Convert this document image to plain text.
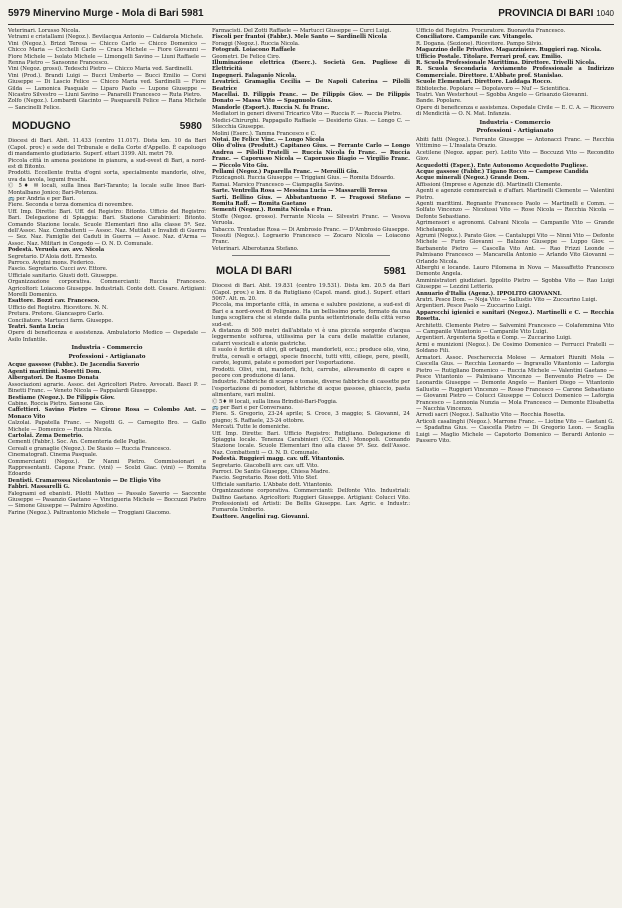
5979 Minervino Murge - Mola di Bari 5981	PROVINCIA DI BARI 1040

Veterinari. Lorusso Nicola.

Vetrami e cristallami (Negoz.). Bevilacqua Antonio — Caldarola Michele.

Vini (Negoz.). Brizzi Teresa — Chicco Carlo — Chicco Domenico — Chicco Maria — Cicchelli Carlo — Craca Michele — Fiore Giovanni — Fiore Michele — Isolato Michele — Limongelli Savino — Liuni Raffaele — Renna Pietro — Sansonne Francesco.

Vini (Negoz. grossi). Tedeschi Pietro — Chicco Maria ved. Sardinelli.

Vini (Prod.). Brandi Luigi — Bucci Umberto — Bucci Emilio — Corsi Giuseppe — Di Lascio Felice — Chicco Maria ved. Sardinelli — Fiore Gilda — Lamonica Pasquale — Liparo Paolo — Lupone Giuseppe — Nicastro Silvestro — Liuni Savino — Panarelli Francesco — Ruta Pietro.

Zolfo (Negoz.). Lombardi Giacinto — Pasquarelli Felice — Rana Michele — Sancinelli Felice.

MODUGNO	5980

Diocesi di Bari. Abit. 11.433 (centro 11.017). Dista km. 10 da Bari (Capol. prov.) e sede del Tribunale e della Corte d'Appello. È capoluogo di mandamento giudiziario. Superf. ettari 3199. Alt. metri 79.

Piccola città in amena posizione in pianura, a sud-ovest di Bari, a nord-est di Bitonto.

Prodotti. Eccellente frutta d'ogni sorta, specialmente mandorle, olive, uva da tavola, legumi freschi.

Ⓒ 5♦ ✉ locali, sulla linea Bari-Taranto; la locale sulle linee Bari-Montalbano Jonico; Bari-Potenza.

🚌 per Andria e per Bari.

Fiere. Seconda e terza domenica di novembre.

Uff. Imp. Dirette: Bari. Uff. del Registro: Bitonto. Ufficio del Registro: Bari. Delegazione di Spiaggia: Bari. Stazione Carabinieri: Bitonto. Comando Stazione locale. Scuole Elementari fino alla classe 5ª. Sez. dell'Assoc. Naz. Combattenti — Assoc. Naz. Mutilati e Invalidi di Guerra — Sez. Naz. Famiglie dei Caduti in Guerra — Assoc. Naz. d'Arma — Assoc. Naz. Militari in Congedo — O. N. D. Comunale.

Podestà. Veruola cav. avv. Nicola

Segretario. D'Aloia dott. Ernesto.

Parroco. Avigini mons. Federico.

Fascio. Segretario. Cucci avv. Ettore.

Ufficiale sanitario. Giusti dott. Giuseppe.

Organizzazione corporativa. Commercianti: Ruccia Francesco. Agricoltori: Loiacono Giuseppe. Industriali. Conte dott. Cesare. Artigiani: Morelli Domenico.

Esattore. Bozzi cav. Francesco.

Ufficio del Registro. Ricevitore. N. N.

Pretura. Pretore. Giancaspro Carlo.

Conciliatore. Martucci farm. Giuseppe.

Teatri. Santa Lucia

Opere di beneficenza e assistenza. Ambulatorio Medico — Ospedale — Asilo Infantile.

Industria - Commercio
Professioni - Artigianato

Acque gassose (Fabbr.). De Jacendia Saverio

Agenti marittimi. Moretti Dom.

Albergatori. De Rasmo Donata

Associazioni agrarie. Assoc. dei Agricoltori Pietro. Avvocati. Basci P. — Binetti Franc. — Veneto Nicola — Pappalardi Giuseppe.

Bestiame (Negoz.). De Filippis Giov.

Cabine. Roccia Pietro. Sansone Gio.

Caffettieri. Savino Pietro — Cirone Rosa — Colombo Ant. — Monaco Vito

Calzolai. Papatella Franc. — Negotti G. — Carnegito Bro. — Gallo Michele — Domenico — Ruccia Nicola.

Cartolai. Zema Demetrio.

Cementi (Fabbr.). Soc. An. Cementeria delle Puglie.

Cereali e granaglie (Negoz.). De Stasio — Ruccia Francesco.

Cinematografi. Cinema Pasquale.

Commercianti (Negoz.). Dr Nanni Pietro. Commissionari e Rappresentanti. Capone Franc. (vini) — Scelzi Giac. (vini) — Romita Edoardo

Dentisti. Cramarossa Nicolantonio — De Eligio Vito

Fabbri. Massarelli G.

Falegnami ed ebanisti. Pilotti Matteo — Passalo Saverio — Saccente Giuseppe — Pasanzio Gaetano — Vincigueria Michele — Boccuzzi Pietro — Simone Giuseppe — Palmiro Agostino.

Farine (Negoz.). Paltrantonio Michele — Troggiani Giacomo.

Farmacisti. Del Zotti Raffaele — Martucci Giuseppe — Curci Luigi.

Fiscoli per frantoi (Fabbr.). Mele Santo — Sardinelli Nicola

Foraggi (Negoz.). Ruccia Nicola.

Fotografi. Loiacono Raffaele

Geometri. De Felice Ciro.

Illuminazione elettrica (Eserc.). Società Gen. Pugliese di Elettricità

Ingegneri. Falaganio Nicola.

Levatrici. Gramaglia Cecilia — De Napoli Caterina — Pilolli Beatrice

Macellai. D. Filippis Franc. — De Filippis Giov. — De Filippis Donato — Massa Vito — Spagnuolo Gius.

Mandorle (Esport.). Ruccia N. fu Franc.

Mediatori in generi diversi Tricarico Vito — Ruccia F. — Ruccia Pietro.

Medici-Chirurghi. Pappagallo Raffaele — Desiderio Gius. — Longo C. — Silecchia Giuseppe.

Molini (Eserc.). Tamma Francesco e C.

Notai. De Felice Vinc. — Longo Nicola

Olio d'oliva (Produtt.) Capitaneo Gius. — Ferrante Carlo — Longo Andrea — Pilolli Fratelli — Ruccia Nicola fu Franc. — Ruccia Franc. — Caporusso Nicola — Caporusso Biagio — Virgilio Franc. — Piccolo Vito Giu.

Pellami (Negoz.) Paparella Franc. — Meroilli Giu.

Pizzicagnoli. Ruccia Giuseppe — Triggiani Gius. — Romita Edoardo.

Ramai. Marsico Francesco — Ciampaglia Savino.

Sarte. Ventrella Rosa — Messina Lucia — Massarelli Teresa

Sarti. Bellino Gius. — Abbatantuono F. — Fragossi Stefano — Romita Raff. — Romita Gaetano

Sementi (Negoz.). Romita Nicola e Fran.

Stoffe (Negoz. grosso). Ferrante Nicola — Silvestri Franc. — Vesova Veruola.

Tabacco. Trentadue Rosa — Di Ambrosio Franc. — D'Ambrosio Giuseppe.

Tessuti (Negoz.). Lograerio Francesco — Zocaro Nicola — Loiacono Franc.

Veterinari. Alberotanza Stefano.

MOLA DI BARI	5981

Diocesi di Bari. Abit. 19.831 (centro 19.531). Dista km. 20.5 da Bari (Capol. prov.) e km. 8 da Rutigliano (Capol. mand. giud.). Superf. ettari 5067. Alt. m. 20.

Piccola, ma importante città, in amena e salubre posizione, a sud-est di Bari e a nord-ovest di Polignano. Ha un bellissimo porto, formato da una lunga scogliera che si stende dalla punta settentrionale della città verso sud-est.

A distanza di 500 metri dall'abitato vi è una piccola sorgente d'acqua leggermente solfurea, utilissima per la cura delle malattie cutanee, catarri vescicali e atonie gastriche.

Il suolo è fertile di ulivi, gli ortaggi, mandorleti, ecc.; produce olio, vino, frutta, cereali e ortaggi, specie finocchi, tutti vitti, ciliege, pere, piselli, carote, legumi, patate e pomodori per l'esportazione.

Prodotti. Olivi, vini, mandorli, fichi, carrube, allevamento di capre e pecore con produzione di lana.

Industrie. Fabbriche di scarpe e tomaie, diverse fabbriche di cassette per l'esportazione di pomodori, fabbriche di acque gassose, ghiaccio, pasta alimentare, vari mulini.

Ⓒ 5♦ ✉ locali, sulla linea Brindisi-Bari-Foggia.

🚌 per Bari e per Conversano.

Fiere. S. Gregorio, 23-24 aprile; S. Croce, 3 maggio; S. Giovanni, 24 giugno; S. Raffaele, 23-24 ottobre.

Mercati. Tutte le domeniche.

Uff. Imp. Dirette: Bari. Ufficio Registro: Rutigliano. Delegazione di Spiaggia locale. Tenenza Carabinieri (CC. RR.) Monopoli. Comando Stazione locale. Scuole Elementari fino alla classe 5ª. Sez. dell'Assoc. Naz. Combattenti — O. N. D. Comunale.

Podestà. Ruggieri magg. cav. uff. Vitantonio.

Segretario. Giacobelli avv. cav. uff. Vito.

Parroci. De Santis Giuseppe, Chiesa Madre.

Fascio. Segretario. Rose dott. Vito Stef.

Ufficiale sanitario. L'Abbate dott. Vitantonio.

Organizzazione corporativa. Commercianti: Delfonte Vito. Industriali: Dalfino Gaetano. Agricoltori: Ruggieri Giuseppe. Artigiani: Colucci Vito. Professionisti ed Artisti: De Bellis Giuseppe. Lav. Agric. e Industr.: Fumarola Umberto.

Esattore. Angelini rag. Giovanni.

Ufficio del Registro. Procuratore. Buonavita Francesco.

Conciliatore. Campanile cav. Vitangelo.

R. Dogana. (Sezione). Ricevitore. Pampo Silvio.

Magazzino delle Privative. Magazziniere. Ruggieri rag. Nicola.

Ufficio Postale. Titolare. Ferrari prof. cav. Emilio.

R. Scuola Professionale Marittima. Direttore. Trivelli Nicola.

R. Scuola Secondaria Avviamento Professionale a Indirizzo Commerciale. Direttore. L'Abbate prof. Stanislao.

Scuole Elementari. Direttore. Laddaga Rocco.

Biblioteche. Popolare — Dopolavoro — Nuf — Scientifica.

Teatri. Van Westerhout — Sgobba Angelo — Grisanzio Giovanni.

Bande. Popolare.

Opere di beneficenza e assistenza. Ospedale Civile — E. C. A. — Ricovero di Mendicità — O. N. Mat. Infanzia.

Industria - Commercio
Professioni - Artigianato

Abiti fatti (Negoz.). Ferrante Giuseppe — Antonacci Franc. — Recchia Vittimino — L'Insalata Orazio.

Acetilene (Negoz. appar. per). Lotito Vito — Boccuzzi Vito — Recondito Giov.

Acquedotti (Esper.). Ente Autonomo Acquedotto Pugliese.

Acque gassose (Fabbr.) Tigano Rocco — Campese Candida

Acque minerali (Negoz.) Grande Dom.

Affissioni (Imprese e Agenzie di). Martinelli Clemente.

Agenti e agenzie commerciali e d'affari. Martinelli Clemente — Valentini Pietro.

Agenti marittimi. Regnante Francesco Paolo — Martinelli e Comm. — Solfato Vincenzo — Nicolussi Vito — Rose Nicola — Recchia Nicola — Defonte Sebastiano.

Agrimensori e agronomi. Calvani Nicola — Campanile Vito — Grande Michelangelo.

Agrumi (Negoz.). Parato Giov. — Cantaluppi Vito — Ninni Vito — Defonte Michele — Furio Giovanni — Balzano Giuseppe — Luppo Giov. — Barbanente Pietro — Cascella Vito Ant. — Rao Frizzi Leonde — Palmisano Francesco — Mancarella Antonio — Arlando Vito Giovanni — Orlando Nicola.

Alberghi e locande. Lauro Filomena in Nova — Massaffetto Francesco Demonte Angela.

Amministratori giudiziari. Ippolito Pietro — Sgobba Vito — Rao Luigi Giuseppe — Lezzini Letterio.

Annuario d'Italia (Agenz.). IPPOLITO GIOVANNI.

Aratri. Pesce Dom. — Noja Vito — Sallustio Vito — Zuccarino Luigi.

Argentieri. Pesce Paolo — Zuccarino Luigi.

Apparecchi igienici e sanitari (Negoz.). Martinelli e C. — Recchia Rosetta.

Architetti. Clemente Pietro — Salvemini Francesco — Colafemmina Vito — Campanile Vitantonio — Campanile Vito Luigi.

Argentieri. Argenteria Spotta e Comp. — Zuccarino Luigi.

Armi e munizioni (Negoz.). De Cosimo Domenico — Ferrucci Fratelli — Soldano Fili.

Armatori. Assoc. Peschereccia Molese — Armatori Riuniti Mola — Cascella Gius. — Recchia Leonardo — Ingravallo Vitantonio — Laforgia Pietro — Rutigliano Domenico — Ruccia Michele — Valentini Gaetano — Pesce Vitantonio — Palmisano Vincenzo — Benvenuto Pietro — De Leonardis Giuseppe — Demonte Angelo — Ranieri Diego — Vitantonio Sallustio — Ruggieri Vincenzo — Rosso Francesco — Carone Sebastiano — Giovanni Pietro — Colucci Giuseppe — Colucci Domenico — Laforgia Francesco — Lonnonia Nunzia — Mola Francesco — Demonte Elisabetta — Nacchia Vincenzo.

Arredi sacri (Negoz.). Sallustio Vito — Rocchia Rosetta.

Articoli casalinghi (Negoz.). Marrone Franc. — Liotine Vito — Gaetani G. — Spadafina Gius. — Cascella Pietro — Di Gregorio Leon. — Scaglia Luigi — Maglio Michele — Capotorto Domenico — Berardi Antonio — Passero Vito.
